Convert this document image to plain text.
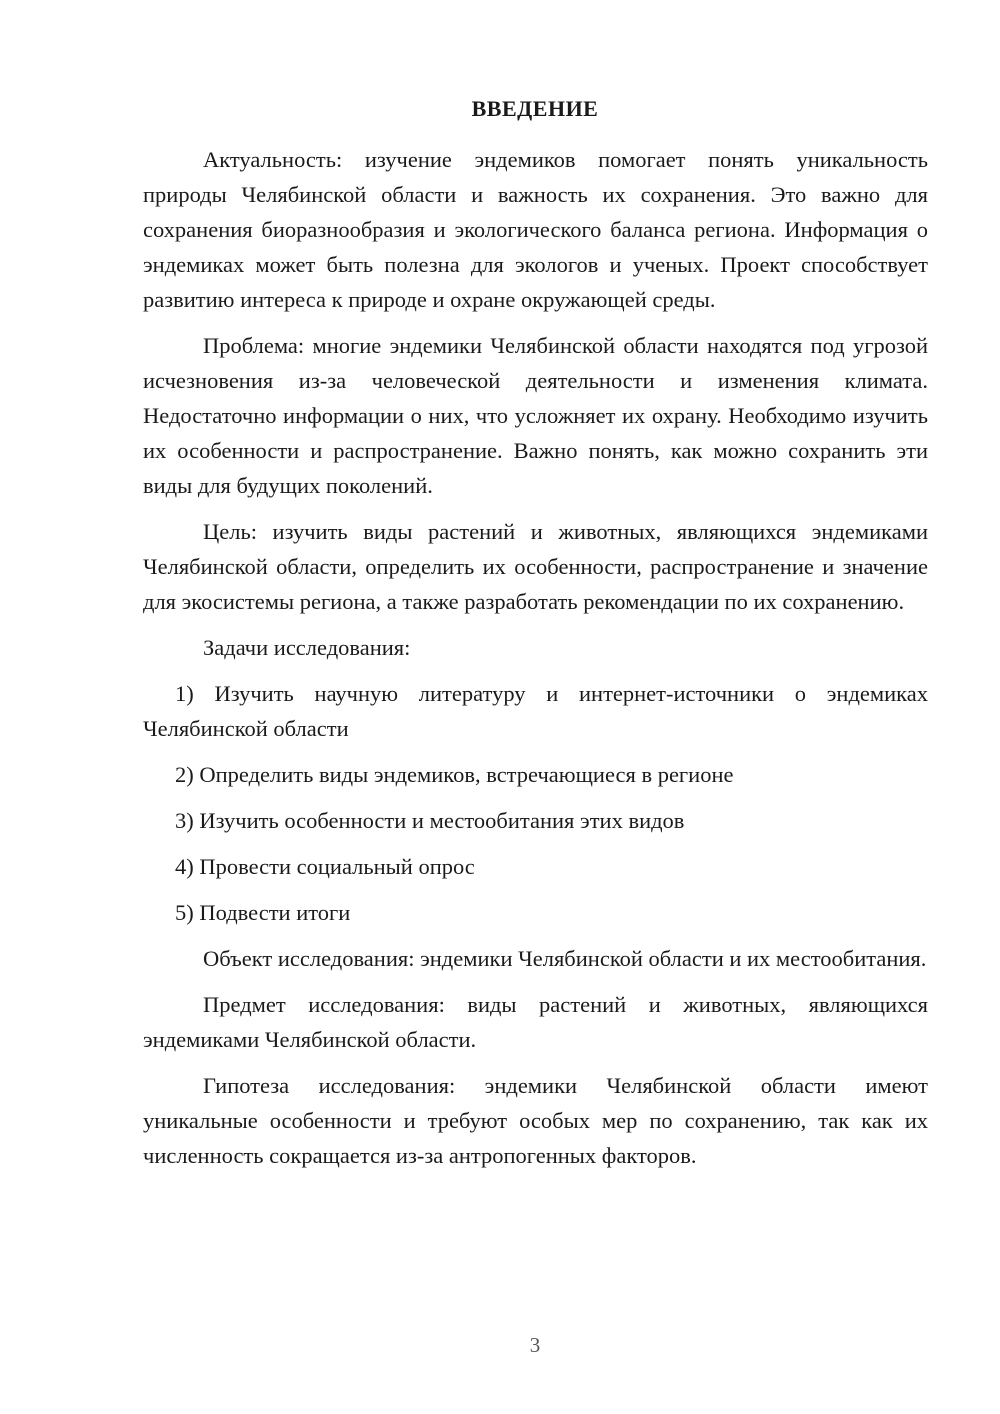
ВВЕДЕНИЕ

Актуальность: изучение эндемиков помогает понять уникальность природы Челябинской области и важность их сохранения. Это важно для сохранения биоразнообразия и экологического баланса региона. Информация о эндемиках может быть полезна для экологов и ученых. Проект способствует развитию интереса к природе и охране окружающей среды.

Проблема: многие эндемики Челябинской области находятся под угрозой исчезновения из-за человеческой деятельности и изменения климата. Недостаточно информации о них, что усложняет их охрану. Необходимо изучить их особенности и распространение. Важно понять, как можно сохранить эти виды для будущих поколений.

Цель: изучить виды растений и животных, являющихся эндемиками Челябинской области, определить их особенности, распространение и значение для экосистемы региона, а также разработать рекомендации по их сохранению.

Задачи исследования:

1) Изучить научную литературу и интернет-источники о эндемиках Челябинской области

2) Определить виды эндемиков, встречающиеся в регионе

3) Изучить особенности и местообитания этих видов

4) Провести социальный опрос

5) Подвести итоги

Объект исследования: эндемики Челябинской области и их местообитания.

Предмет исследования: виды растений и животных, являющихся эндемиками Челябинской области.

Гипотеза исследования: эндемики Челябинской области имеют уникальные особенности и требуют особых мер по сохранению, так как их численность сокращается из-за антропогенных факторов.

3
